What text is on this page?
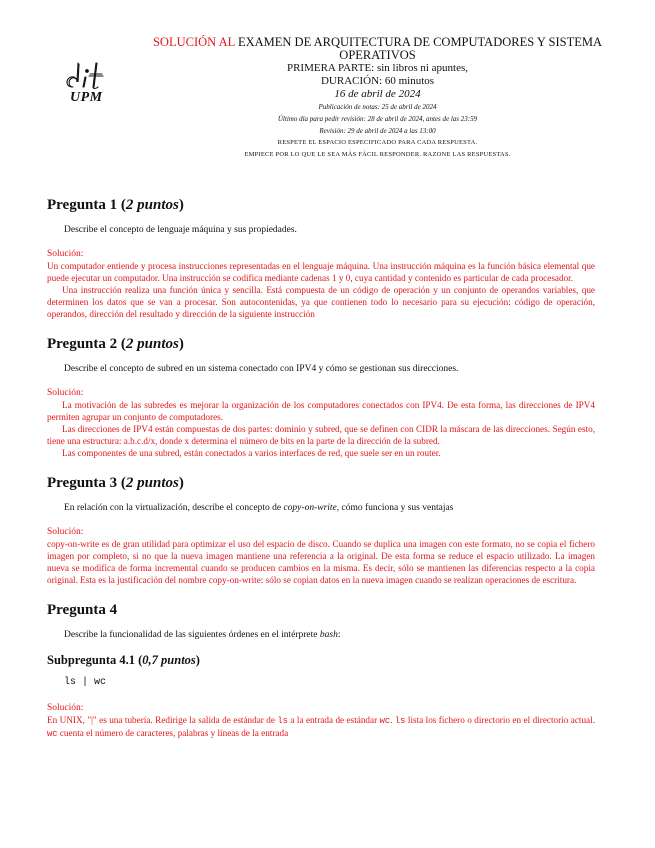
UPM
SOLUCIÓN AL EXAMEN DE ARQUITECTURA DE COMPUTADORES Y SISTEMA OPERATIVOS
PRIMERA PARTE: sin libros ni apuntes,
DURACIÓN: 60 minutos
16 de abril de 2024
Publicación de notas: 25 de abril de 2024
Último día para pedir revisión: 28 de abril de 2024, antes de las 23:59
Revisión: 29 de abril de 2024 a las 13:00
RESPETE EL ESPACIO ESPECIFICADO PARA CADA RESPUESTA.
EMPIECE POR LO QUE LE SEA MÁS FÁCIL RESPONDER. RAZONE LAS RESPUESTAS.
Pregunta 1 (2 puntos)

Describe el concepto de lenguaje máquina y sus propiedades.

Solución:

Un computador entiende y procesa instrucciones representadas en el lenguaje máquina. Una instrucción máquina es la función básica elemental que puede ejecutar un computador. Una instrucción se codifica mediante cadenas 1 y 0, cuya cantidad y contenido es particular de cada procesador.

Una instrucción realiza una función única y sencilla. Está compuesta de un código de operación y un conjunto de operandos variables, que determinen los datos que se van a procesar. Son autocontenidas, ya que contienen todo lo necesario para su ejecución: código de operación, operandos, dirección del resultado y dirección de la siguiente instrucción

Pregunta 2 (2 puntos)

Describe el concepto de subred en un sistema conectado con IPV4 y cómo se gestionan sus direcciones.

Solución:

La motivación de las subredes es mejorar la organización de los computadores conectados con IPV4. De esta forma, las direcciones de IPV4 permiten agrupar un conjunto de computadores.

Las direcciones de IPV4 están compuestas de dos partes: dominio y subred, que se definen con CIDR la máscara de las direcciones. Según esto, tiene una estructura: a.b.c.d/x, donde x determina el número de bits en la parte de la dirección de la subred.

Las componentes de una subred, están conectados a varios interfaces de red, que suele ser en un router.

Pregunta 3 (2 puntos)

En relación con la virtualización, describe el concepto de copy-on-write, cómo funciona y sus ventajas

Solución:

copy-on-write es de gran utilidad para optimizar el uso del espacio de disco. Cuando se duplica una imagen con este formato, no se copia el fichero imagen por completo, si no que la nueva imagen mantiene una referencia a la original. De esta forma se reduce el espacio utilizado. La imagen nueva se modifica de forma incremental cuando se producen cambios en la misma. Es decir, sólo se mantienen las diferencias respecto a la copia original. Esta es la justificación del nombre copy-on-write: sólo se copian datos en la nueva imagen cuando se realizan operaciones de escritura.

Pregunta 4

Describe la funcionalidad de las siguientes órdenes en el intérprete bash:

Subpregunta 4.1 (0,7 puntos)
ls | wc

Solución:

En UNIX, "|" es una tubería. Redirige la salida de estándar de ls a la entrada de estándar wc. ls lista los fichero o directorio en el directorio actual. wc cuenta el número de caracteres, palabras y líneas de la entrada
